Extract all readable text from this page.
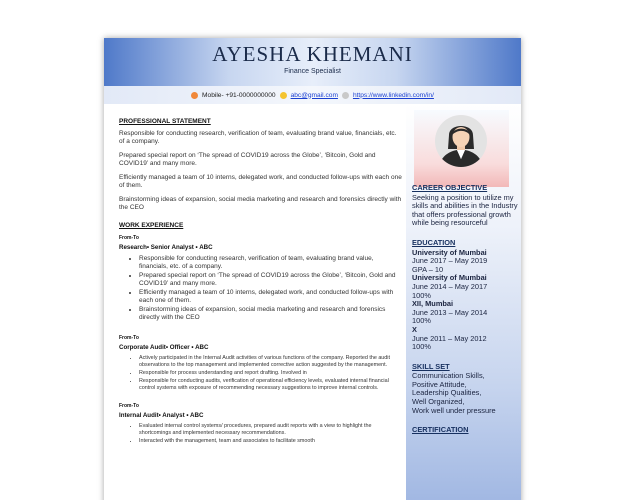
AYESHA KHEMANI
Finance Specialist
Mobile- +91-0000000000 abc@gmail.com https://www.linkedin.com/in/
PROFESSIONAL STATEMENT
Responsible for conducting research, verification of team, evaluating brand value, financials, etc. of a company.
Prepared special report on ‘The spread of COVID19 across the Globe’, ‘Bitcoin, Gold and COVID19’ and many more.
Efficiently managed a team of 10 interns, delegated work, and conducted follow-ups with each one of them.
Brainstorming ideas of expansion, social media marketing and research and forensics directly with the CEO
WORK EXPERIENCE
From-To
Research• Senior Analyst • ABC
• Responsible for conducting research, verification of team, evaluating brand value, financials, etc. of a company.
• Prepared special report on ‘The spread of COVID19 across the Globe’, ‘Bitcoin, Gold and COVID19’ and many more.
• Efficiently managed a team of 10 interns, delegated work, and conducted follow-ups with each one of them.
• Brainstorming ideas of expansion, social media marketing and research and forensics directly with the CEO
From-To
Corporate Audit• Officer • ABC
• Actively participated in the Internal Audit activities of various functions of the company. Reported the audit observations to the top management and implemented corrective action suggested by the management.
• Responsible for process understanding and report drafting. Involved in
• Responsible for conducting audits, verification of operational efficiency levels, evaluated internal financial control systems with exposure of recommending necessary suggestions to improve internal controls.
From-To
Internal Audit• Analyst • ABC
• Evaluated internal control systems/ procedures, prepared audit reports with a view to highlight the shortcomings and implemented necessary recommendations.
• Interacted with the management, team and associates to facilitate smooth
CAREER OBJECTIVE
Seeking a position to utilize my skills and abilities in the Industry that offers professional growth while being resourceful
EDUCATION
University of Mumbai
June 2017 – May 2019
GPA – 10
University of Mumbai
June 2014 – May 2017
100%
XII, Mumbai
June 2013 – May 2014
100%
X
June 2011 – May 2012
100%
SKILL SET
Communication Skills,
Positive Attitude,
Leadership Qualities,
Well Organized,
Work well under pressure
CERTIFICATION
